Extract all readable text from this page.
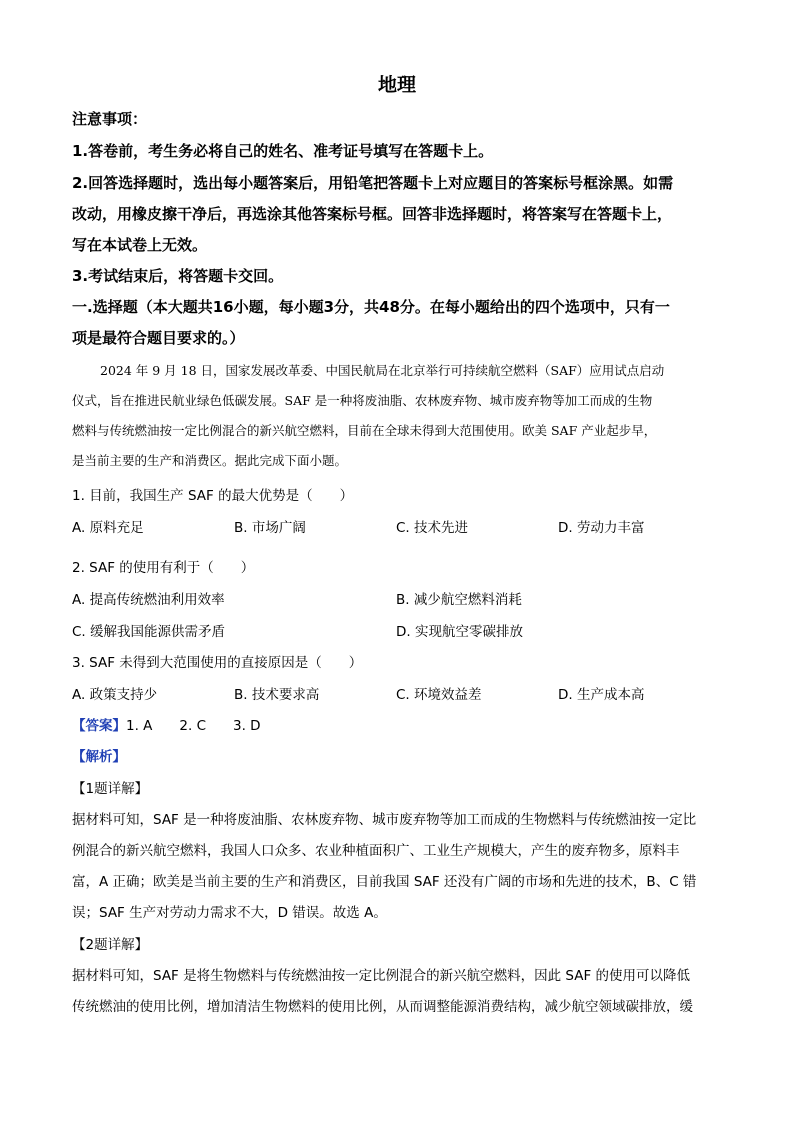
地理
注意事项：
1.答卷前，考生务必将自己的姓名、准考证号填写在答题卡上。
2.回答选择题时，选出每小题答案后，用铅笔把答题卡上对应题目的答案标号框涂黑。如需
改动，用橡皮擦干净后，再选涂其他答案标号框。回答非选择题时，将答案写在答题卡上，
写在本试卷上无效。
3.考试结束后，将答题卡交回。
一.选择题（本大题共16小题，每小题3分，共48分。在每小题给出的四个选项中，只有一
项是最符合题目要求的。）
2024 年 9 月 18 日，国家发展改革委、中国民航局在北京举行可持续航空燃料（SAF）应用试点启动
仪式，旨在推进民航业绿色低碳发展。SAF 是一种将废油脂、农林废弃物、城市废弃物等加工而成的生物
燃料与传统燃油按一定比例混合的新兴航空燃料，目前在全球未得到大范围使用。欧美 SAF 产业起步早，
是当前主要的生产和消费区。据此完成下面小题。
1. 目前，我国生产 SAF 的最大优势是（　　）
A. 原料充足	B. 市场广阔	C. 技术先进	D. 劳动力丰富
2. SAF 的使用有利于（　　）
A. 提高传统燃油利用效率	B. 减少航空燃料消耗
C. 缓解我国能源供需矛盾	D. 实现航空零碳排放
3. SAF 未得到大范围使用的直接原因是（　　）
A. 政策支持少	B. 技术要求高	C. 环境效益差	D. 生产成本高
【答案】1. A　　2. C　　3. D
【解析】
【1题详解】
据材料可知，SAF 是一种将废油脂、农林废弃物、城市废弃物等加工而成的生物燃料与传统燃油按一定比
例混合的新兴航空燃料，我国人口众多、农业种植面积广、工业生产规模大，产生的废弃物多，原料丰
富，A 正确；欧美是当前主要的生产和消费区，目前我国 SAF 还没有广阔的市场和先进的技术，B、C 错
误；SAF 生产对劳动力需求不大，D 错误。故选 A。
【2题详解】
据材料可知，SAF 是将生物燃料与传统燃油按一定比例混合的新兴航空燃料，因此 SAF 的使用可以降低
传统燃油的使用比例，增加清洁生物燃料的使用比例，从而调整能源消费结构，减少航空领域碳排放，缓
